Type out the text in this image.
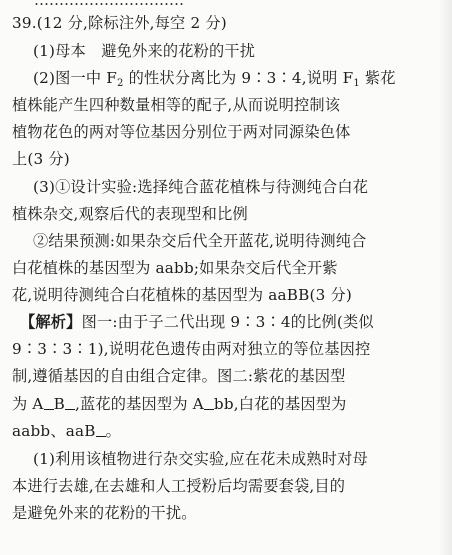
…………………………
39.(12 分,除标注外,每空 2 分)
(1)母本　避免外来的花粉的干扰
(2)图一中 $F_2$ 的性状分离比为 9∶3∶4,说明 $F_1$ 紫花
植株能产生四种数量相等的配子,从而说明控制该
植物花色的两对等位基因分别位于两对同源染色体
上(3 分)
(3)①设计实验:选择纯合蓝花植株与待测纯合白花
植株杂交,观察后代的表现型和比例
②结果预测:如果杂交后代全开蓝花,说明待测纯合
白花植株的基因型为 aabb;如果杂交后代全开紫
花,说明待测纯合白花植株的基因型为 aaBB(3 分)
【解析】图一:由于子二代出现 9∶3∶4的比例(类似
9∶3∶3∶1),说明花色遗传由两对独立的等位基因控
制,遵循基因的自由组合定律。图二:紫花的基因型
为 A B ,蓝花的基因型为 A bb,白花的基因型为
aabb、aaB 。
(1)利用该植物进行杂交实验,应在花未成熟时对母
本进行去雄,在去雄和人工授粉后均需要套袋,目的
是避免外来的花粉的干扰。
